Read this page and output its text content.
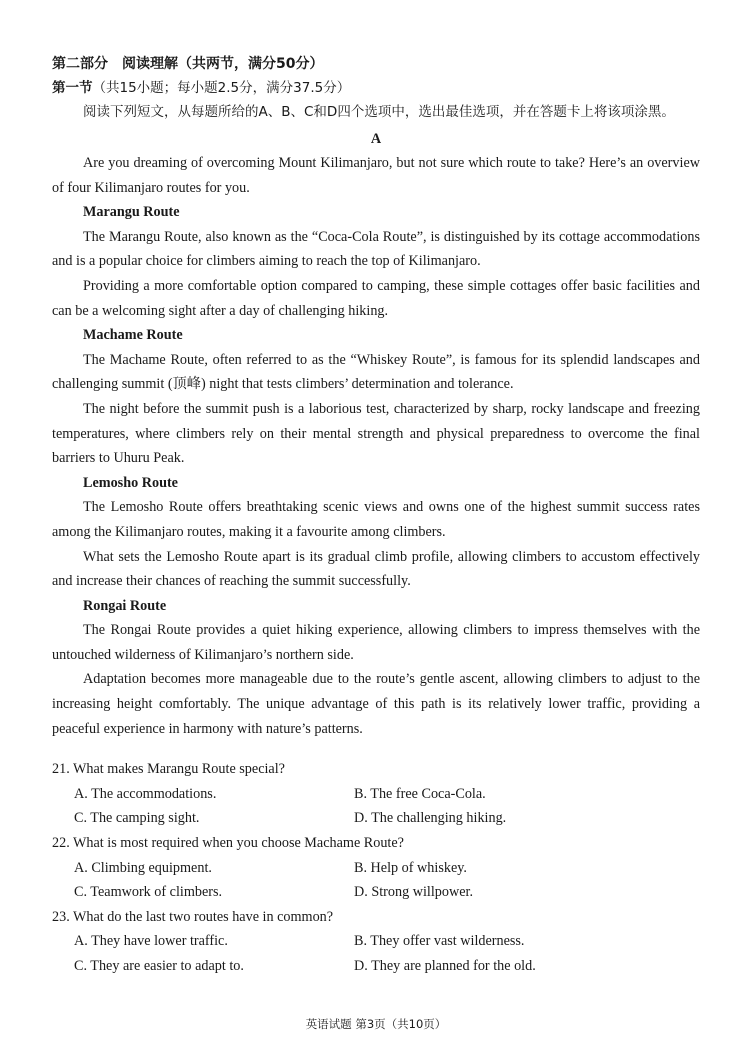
第二部分　阅读理解（共两节，满分50分）
第一节（共15小题；每小题2.5分，满分37.5分）
阅读下列短文，从每题所给的A、B、C和D四个选项中，选出最佳选项，并在答题卡上将该项涂黑。
A

Are you dreaming of overcoming Mount Kilimanjaro, but not sure which route to take? Here’s an overview of four Kilimanjaro routes for you.

Marangu Route

The Marangu Route, also known as the “Coca-Cola Route”, is distinguished by its cottage accommodations and is a popular choice for climbers aiming to reach the top of Kilimanjaro.

Providing a more comfortable option compared to camping, these simple cottages offer basic facilities and can be a welcoming sight after a day of challenging hiking.

Machame Route

The Machame Route, often referred to as the “Whiskey Route”, is famous for its splendid landscapes and challenging summit (顶峰) night that tests climbers’ determination and tolerance.

The night before the summit push is a laborious test, characterized by sharp, rocky landscape and freezing temperatures, where climbers rely on their mental strength and physical preparedness to overcome the final barriers to Uhuru Peak.

Lemosho Route

The Lemosho Route offers breathtaking scenic views and owns one of the highest summit success rates among the Kilimanjaro routes, making it a favourite among climbers.

What sets the Lemosho Route apart is its gradual climb profile, allowing climbers to accustom effectively and increase their chances of reaching the summit successfully.

Rongai Route

The Rongai Route provides a quiet hiking experience, allowing climbers to impress themselves with the untouched wilderness of Kilimanjaro’s northern side.

Adaptation becomes more manageable due to the route’s gentle ascent, allowing climbers to adjust to the increasing height comfortably. The unique advantage of this path is its relatively lower traffic, providing a peaceful experience in harmony with nature’s patterns.

21. What makes Marangu Route special?

A. The accommodations.	B. The free Coca-Cola.
C. The camping sight.	D. The challenging hiking.

22. What is most required when you choose Machame Route?

A. Climbing equipment.	B. Help of whiskey.
C. Teamwork of climbers.	D. Strong willpower.

23. What do the last two routes have in common?

A. They have lower traffic.	B. They offer vast wilderness.
C. They are easier to adapt to.	D. They are planned for the old.
英语试题 第3页（共10页）
